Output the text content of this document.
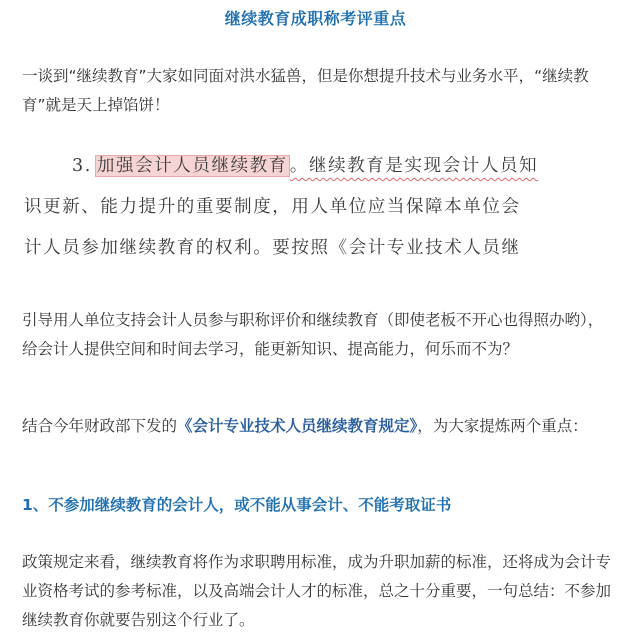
继续教育成职称考评重点

一谈到“继续教育”大家如同面对洪水猛兽，但是你想提升技术与业务水平，“继续教育”就是天上掉馅饼！

3. 加强会计人员继续教育 。继续教育是实现会计人员知
识更新、能力提升的重要制度，用人单位应当保障本单位会
计人员参加继续教育的权利。要按照《会计专业技术人员继

引导用人单位支持会计人员参与职称评价和继续教育（即使老板不开心也得照办哟），给会计人提供空间和时间去学习，能更新知识、提高能力，何乐而不为？

结合今年财政部下发的《会计专业技术人员继续教育规定》，为大家提炼两个重点：

1、不参加继续教育的会计人，或不能从事会计、不能考取证书

政策规定来看，继续教育将作为求职聘用标准，成为升职加薪的标准，还将成为会计专业资格考试的参考标准，以及高端会计人才的标准，总之十分重要，一句总结：不参加继续教育你就要告别这个行业了。
